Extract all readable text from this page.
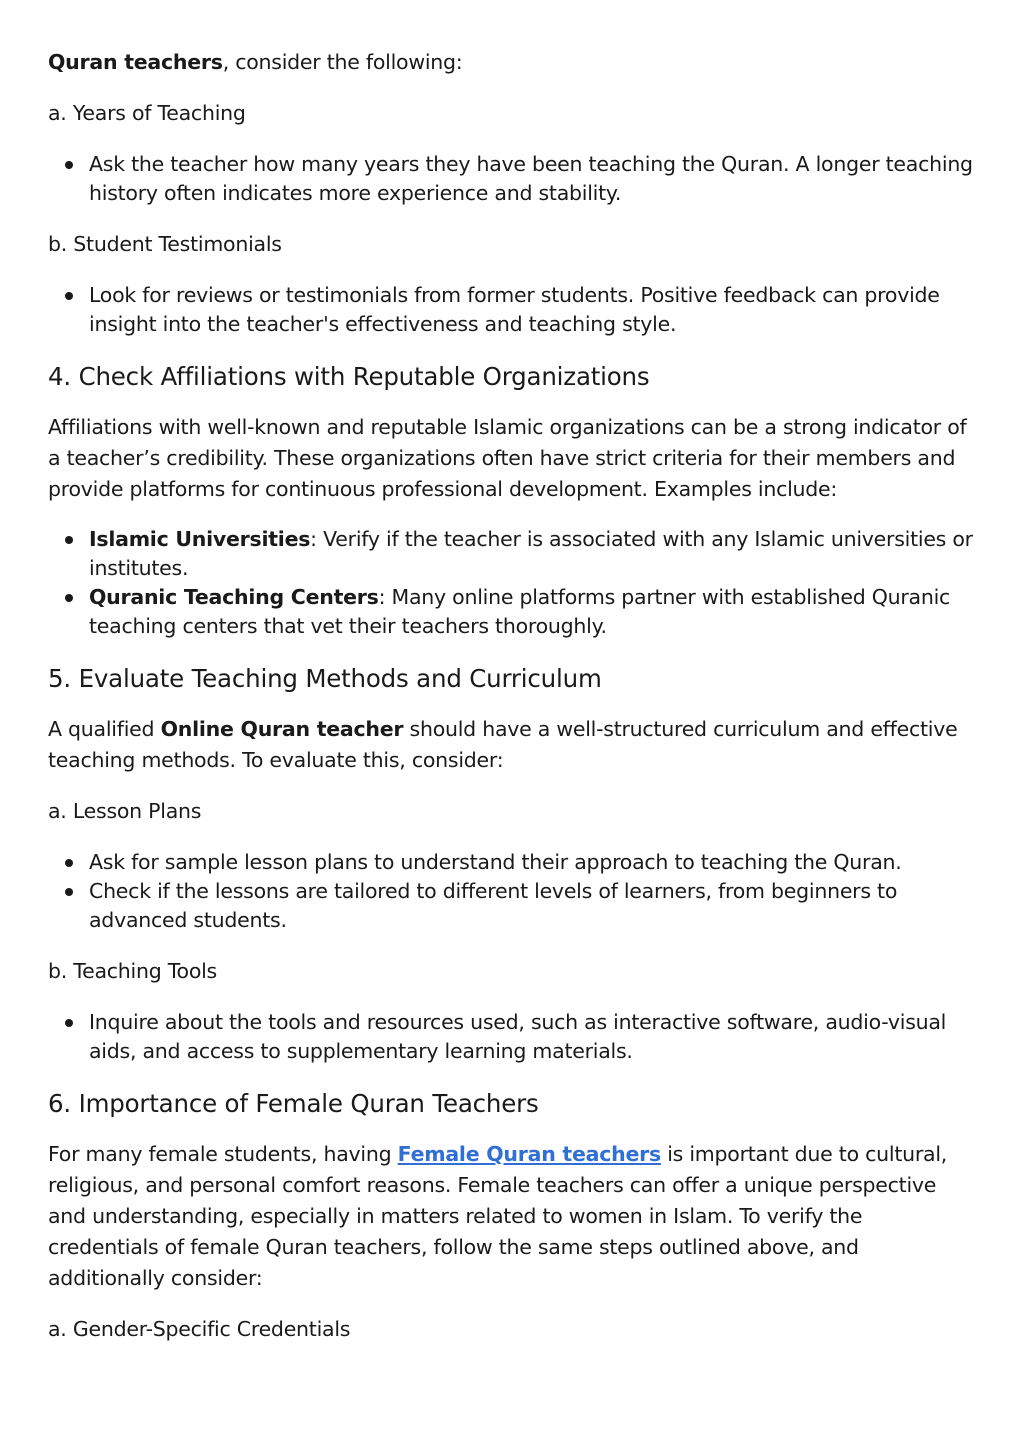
Quran teachers, consider the following:

a. Years of Teaching

Ask the teacher how many years they have been teaching the Quran. A longer teaching history often indicates more experience and stability.

b. Student Testimonials

Look for reviews or testimonials from former students. Positive feedback can provide insight into the teacher's effectiveness and teaching style.
4. Check Affiliations with Reputable Organizations

Affiliations with well-known and reputable Islamic organizations can be a strong indicator of a teacher’s credibility. These organizations often have strict criteria for their members and provide platforms for continuous professional development. Examples include:

Islamic Universities: Verify if the teacher is associated with any Islamic universities or institutes.
Quranic Teaching Centers: Many online platforms partner with established Quranic teaching centers that vet their teachers thoroughly.
5. Evaluate Teaching Methods and Curriculum

A qualified Online Quran teacher should have a well-structured curriculum and effective teaching methods. To evaluate this, consider:

a. Lesson Plans

Ask for sample lesson plans to understand their approach to teaching the Quran.
Check if the lessons are tailored to different levels of learners, from beginners to advanced students.

b. Teaching Tools

Inquire about the tools and resources used, such as interactive software, audio-visual aids, and access to supplementary learning materials.
6. Importance of Female Quran Teachers

For many female students, having Female Quran teachers is important due to cultural, religious, and personal comfort reasons. Female teachers can offer a unique perspective and understanding, especially in matters related to women in Islam. To verify the credentials of female Quran teachers, follow the same steps outlined above, and additionally consider:

a. Gender-Specific Credentials
